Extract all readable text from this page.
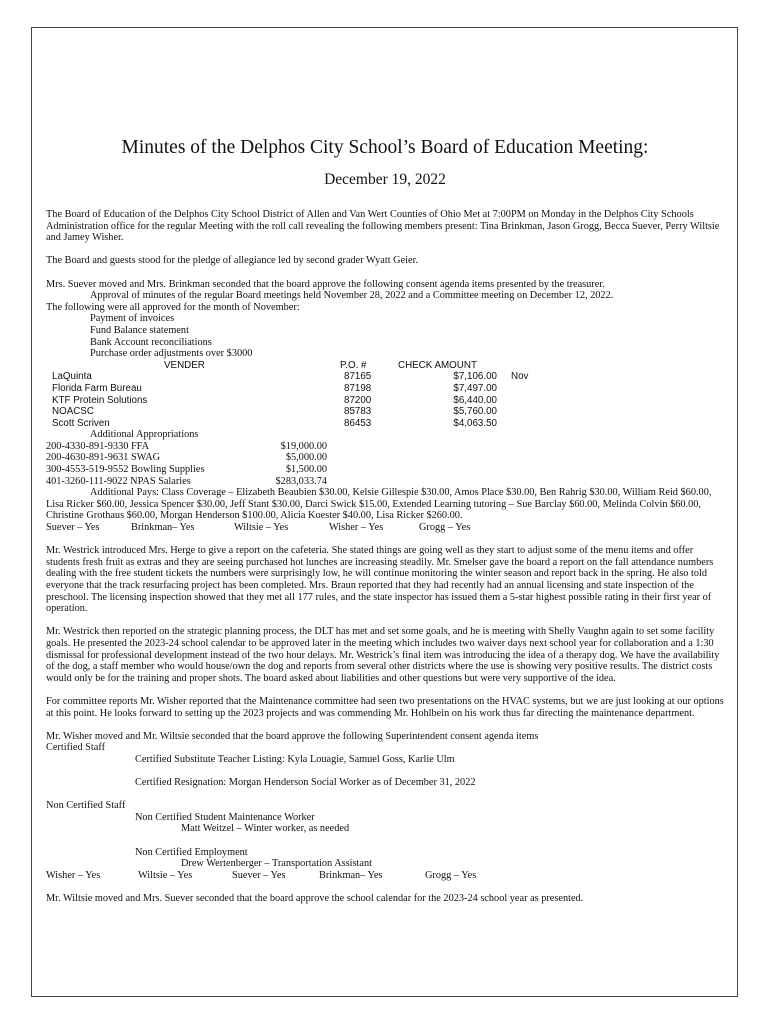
Minutes of the Delphos City School’s Board of Education Meeting:
December 19, 2022

The Board of Education of the Delphos City School District of Allen and Van Wert Counties of Ohio Met at 7:00PM on Monday in the Delphos City Schools Administration office for the regular Meeting with the roll call revealing the following members present: Tina Brinkman, Jason Grogg, Becca Suever, Perry Wiltsie and Jamey Wisher.

The Board and guests stood for the pledge of allegiance led by second grader Wyatt Geier.

Mrs. Suever moved and Mrs. Brinkman seconded that the board approve the following consent agenda items presented by the treasurer.

Approval of minutes of the regular Board meetings held November 28, 2022 and a Committee meeting on December 12, 2022.

The following were all approved for the month of November:

Payment of invoices

Fund Balance statement

Bank Account reconciliations

Purchase order adjustments over $3000

VENDER	P.O. #	CHECK AMOUNT
LaQuinta	87165	$7,106.00 Nov
Florida Farm Bureau	87198	$7,497.00
KTF Protein Solutions	87200	$6,440.00
NOACSC	85783	$5,760.00
Scott Scriven	86453	$4,063.50

Additional Appropriations

200-4330-891-9330 FFA	$19,000.00
200-4630-891-9631 SWAG	$5,000.00
300-4553-519-9552 Bowling Supplies	$1,500.00
401-3260-111-9022 NPAS Salaries	$283,033.74

Additional Pays: Class Coverage – Elizabeth Beaubien $30.00, Kelsie Gillespie $30.00, Amos Place $30.00, Ben Rahrig $30.00, William Reid $60.00, Lisa Ricker $60.00, Jessica Spencer $30.00, Jeff Stant $30.00, Darci Swick $15.00, Extended Learning tutoring – Sue Barclay $60.00, Melinda Colvin $60.00, Christine Grothaus $60.00, Morgan Henderson $100.00, Alicia Koester $40.00, Lisa Ricker $260.00.

Suever – Yes	Brinkman– Yes	Wiltsie – Yes	Wisher – Yes	Grogg – Yes

Mr. Westrick introduced Mrs. Herge to give a report on the cafeteria. She stated things are going well as they start to adjust some of the menu items and offer students fresh fruit as extras and they are seeing purchased hot lunches are increasing steadily. Mr. Smelser gave the board a report on the fall attendance numbers dealing with the free student tickets the numbers were surprisingly low, he will continue monitoring the winter season and report back in the spring. He also told everyone that the track resurfacing project has been completed. Mrs. Braun reported that they had recently had an annual licensing and state inspection of the preschool. The licensing inspection showed that they met all 177 rules, and the state inspector has issued them a 5-star highest possible rating in their first year of operation.

Mr. Westrick then reported on the strategic planning process, the DLT has met and set some goals, and he is meeting with Shelly Vaughn again to set some facility goals. He presented the 2023-24 school calendar to be approved later in the meeting which includes two waiver days next school year for collaboration and a 1:30 dismissal for professional development instead of the two hour delays. Mr. Westrick’s final item was introducing the idea of a therapy dog. We have the availability of the dog, a staff member who would house/own the dog and reports from several other districts where the use is showing very positive results. The district costs would only be for the training and proper shots. The board asked about liabilities and other questions but were very supportive of the idea.

For committee reports Mr. Wisher reported that the Maintenance committee had seen two presentations on the HVAC systems, but we are just looking at our options at this point. He looks forward to setting up the 2023 projects and was commending Mr. Hohlbein on his work thus far directing the maintenance department.

Mr. Wisher moved and Mr. Wiltsie seconded that the board approve the following Superintendent consent agenda items

Certified Staff

Certified Substitute Teacher Listing: Kyla Louagie, Samuel Goss, Karlie Ulm

Certified Resignation: Morgan Henderson Social Worker as of December 31, 2022

Non Certified Staff

Non Certified Student Maintenance Worker

Matt Weitzel – Winter worker, as needed

Non Certified Employment

Drew Wertenberger – Transportation Assistant

Wisher – Yes	Wiltsie – Yes	Suever – Yes	Brinkman– Yes	Grogg – Yes

Mr. Wiltsie moved and Mrs. Suever seconded that the board approve the school calendar for the 2023-24 school year as presented.
